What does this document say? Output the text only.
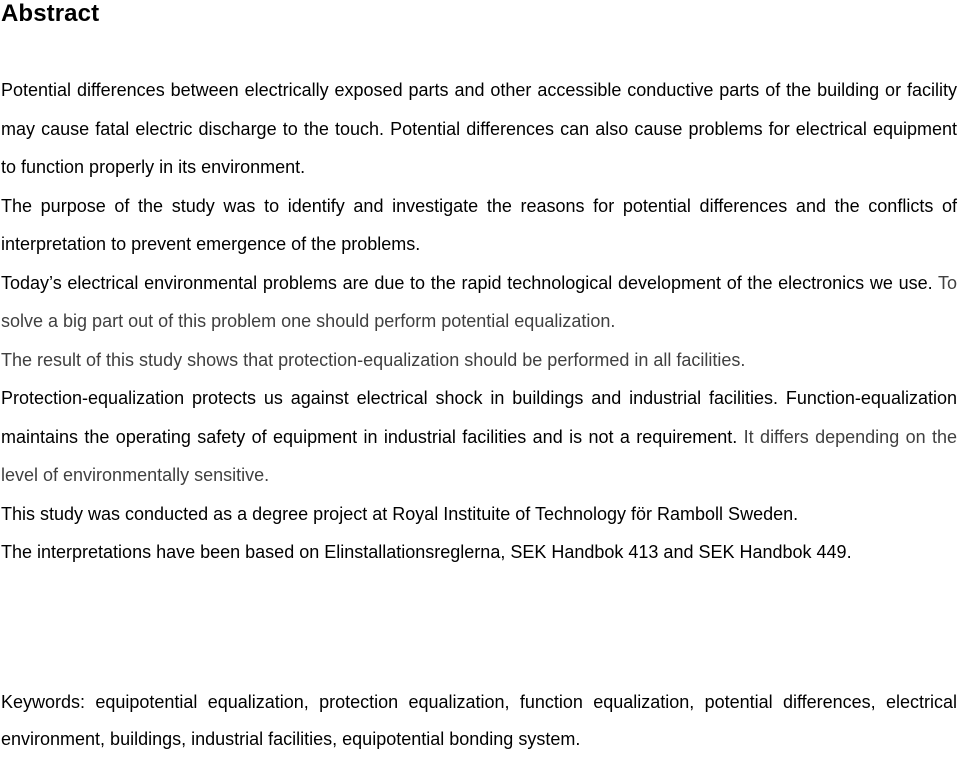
Abstract

Potential differences between electrically exposed parts and other accessible conductive parts of the building or facility may cause fatal electric discharge to the touch. Potential differences can also cause problems for electrical equipment to function properly in its environment.

The purpose of the study was to identify and investigate the reasons for potential differences and the conflicts of interpretation to prevent emergence of the problems.

Today’s electrical environmental problems are due to the rapid technological development of the electronics we use. To solve a big part out of this problem one should perform potential equalization.

The result of this study shows that protection-equalization should be performed in all facilities.

Protection-equalization protects us against electrical shock in buildings and industrial facilities. Function-equalization maintains the operating safety of equipment in industrial facilities and is not a requirement. It differs depending on the level of environmentally sensitive.

This study was conducted as a degree project at Royal Instituite of Technology för Ramboll Sweden.

The interpretations have been based on Elinstallationsreglerna, SEK Handbok 413 and SEK Handbok 449.

Keywords: equipotential equalization, protection equalization, function equalization, potential differences, electrical environment, buildings, industrial facilities, equipotential bonding system.
